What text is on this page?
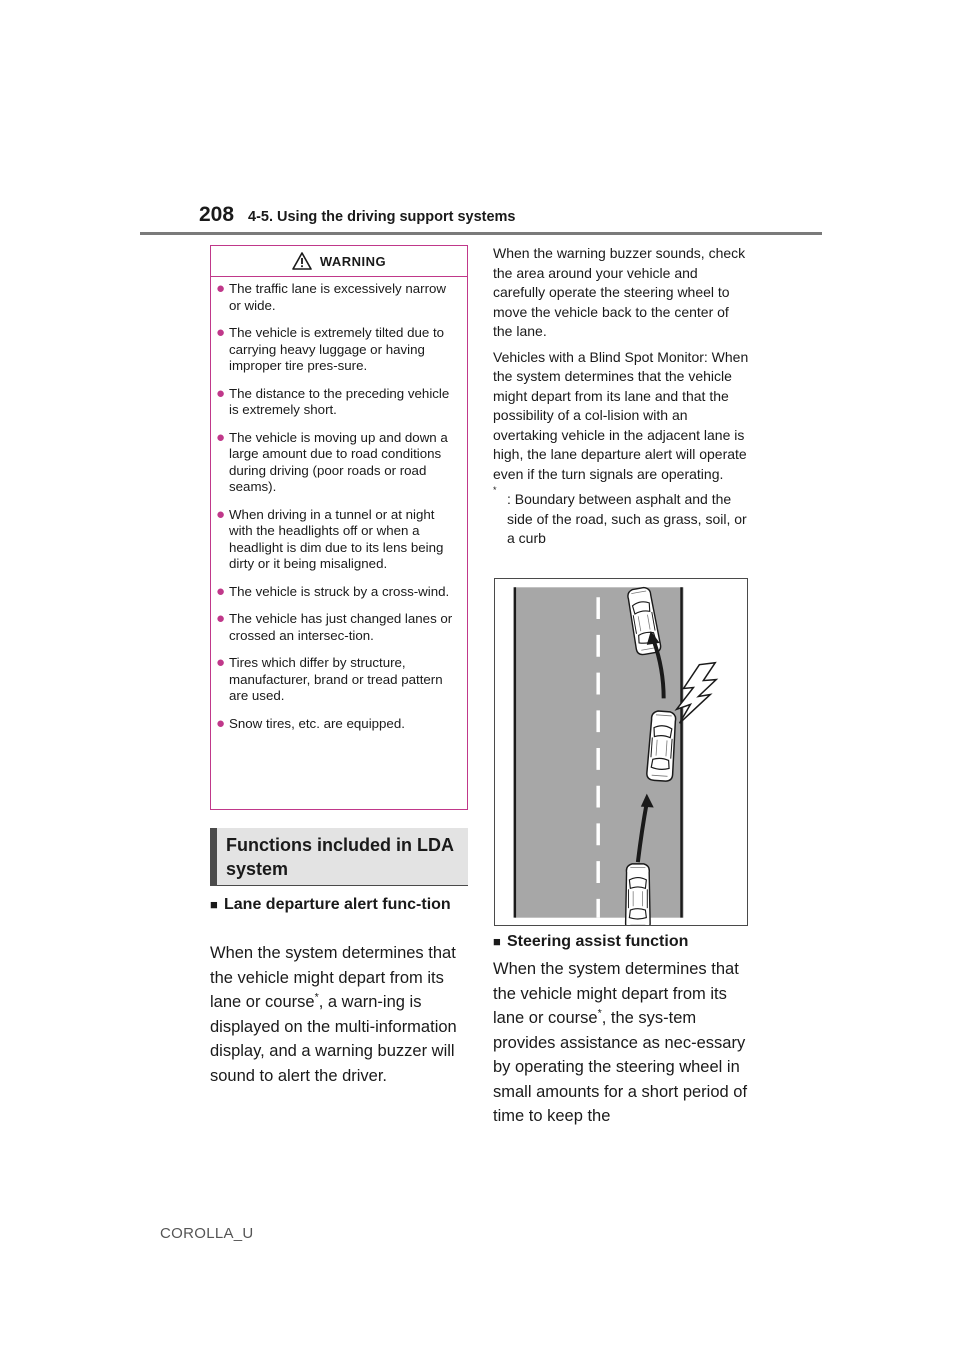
208 4-5. Using the driving support systems
WARNING
● The traffic lane is excessively narrow or wide.
● The vehicle is extremely tilted due to carrying heavy luggage or having improper tire pres-sure.
● The distance to the preceding vehicle is extremely short.
● The vehicle is moving up and down a large amount due to road conditions during driving (poor roads or road seams).
● When driving in a tunnel or at night with the headlights off or when a headlight is dim due to its lens being dirty or it being misaligned.
● The vehicle is struck by a cross-wind.
● The vehicle has just changed lanes or crossed an intersec-tion.
● Tires which differ by structure, manufacturer, brand or tread pattern are used.
● Snow tires, etc. are equipped.
Functions included in LDA system
■ Lane departure alert func-tion
When the system determines that the vehicle might depart from its lane or course*, a warn-ing is displayed on the multi-information display, and a warning buzzer will sound to alert the driver.

When the warning buzzer sounds, check the area around your vehicle and carefully operate the steering wheel to move the vehicle back to the center of the lane.

Vehicles with a Blind Spot Monitor: When the system determines that the vehicle might depart from its lane and that the possibility of a col-lision with an overtaking vehicle in the adjacent lane is high, the lane departure alert will operate even if the turn signals are operating.

*
: Boundary between asphalt and the side of the road, such as grass, soil, or a curb
■ Steering assist function
When the system determines that the vehicle might depart from its lane or course*, the sys-tem provides assistance as nec-essary by operating the steering wheel in small amounts for a short period of time to keep the
COROLLA_U
